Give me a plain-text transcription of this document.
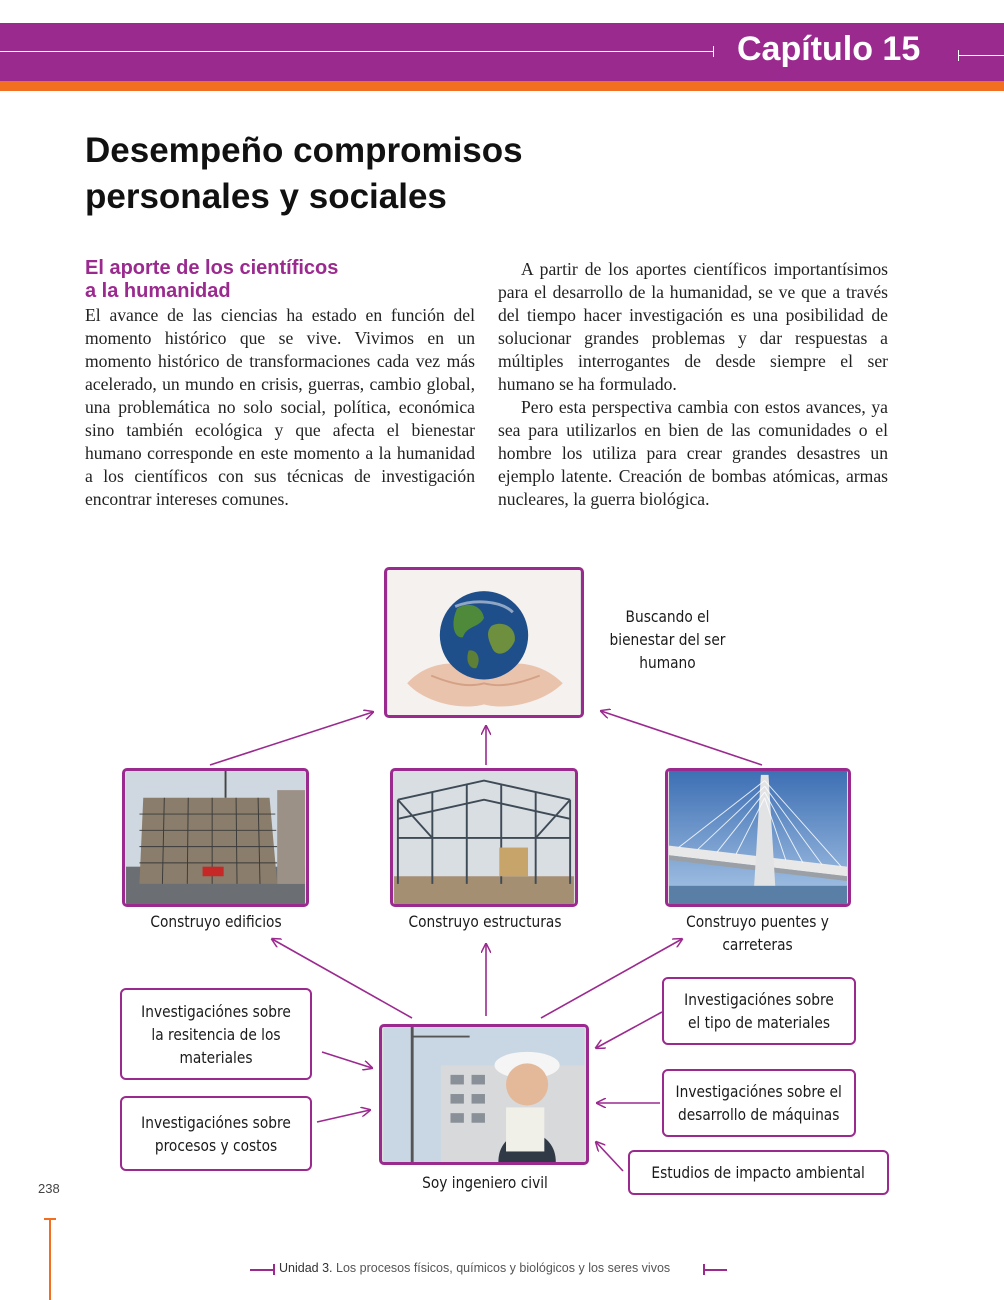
Capítulo 15
Desempeño compromisos
personales y sociales
El aporte de los científicos
a la humanidad

El avance de las ciencias ha estado en función del momento histórico que se vive. Vivimos en un momento histórico de transformaciones cada vez más acelerado, un mundo en crisis, guerras, cambio global, una problemática no solo social, política, económica sino también ecológica y que afecta el bienestar humano corresponde en este momento a la humanidad a los científicos con sus técnicas de investigación encontrar intereses comunes.

A partir de los aportes científicos importantísimos para el desarrollo de la humanidad, se ve que a través del tiempo hacer investigación es una posibilidad de solucionar grandes problemas y dar respuestas a múltiples interrogantes de desde siempre el ser humano se ha formulado.

Pero esta perspectiva cambia con estos avances, ya sea para utilizarlos en bien de las comunidades o el hombre los utiliza para crear grandes desastres un ejemplo latente. Creación de bombas atómicas, armas nucleares, la guerra biológica.

Buscando el
bienestar del ser
humano
Construyo edificios	Construyo estructuras	Construyo puentes y
carreteras
Soy ingeniero civil
Investigaciónes sobre
la resitencia de los
materiales
Investigaciónes sobre
procesos y costos
Investigaciónes sobre
el tipo de materiales
Investigaciónes sobre el
desarrollo de máquinas
Estudios de impacto ambiental
238
Unidad 3. Los procesos físicos, químicos y biológicos y los seres vivos
